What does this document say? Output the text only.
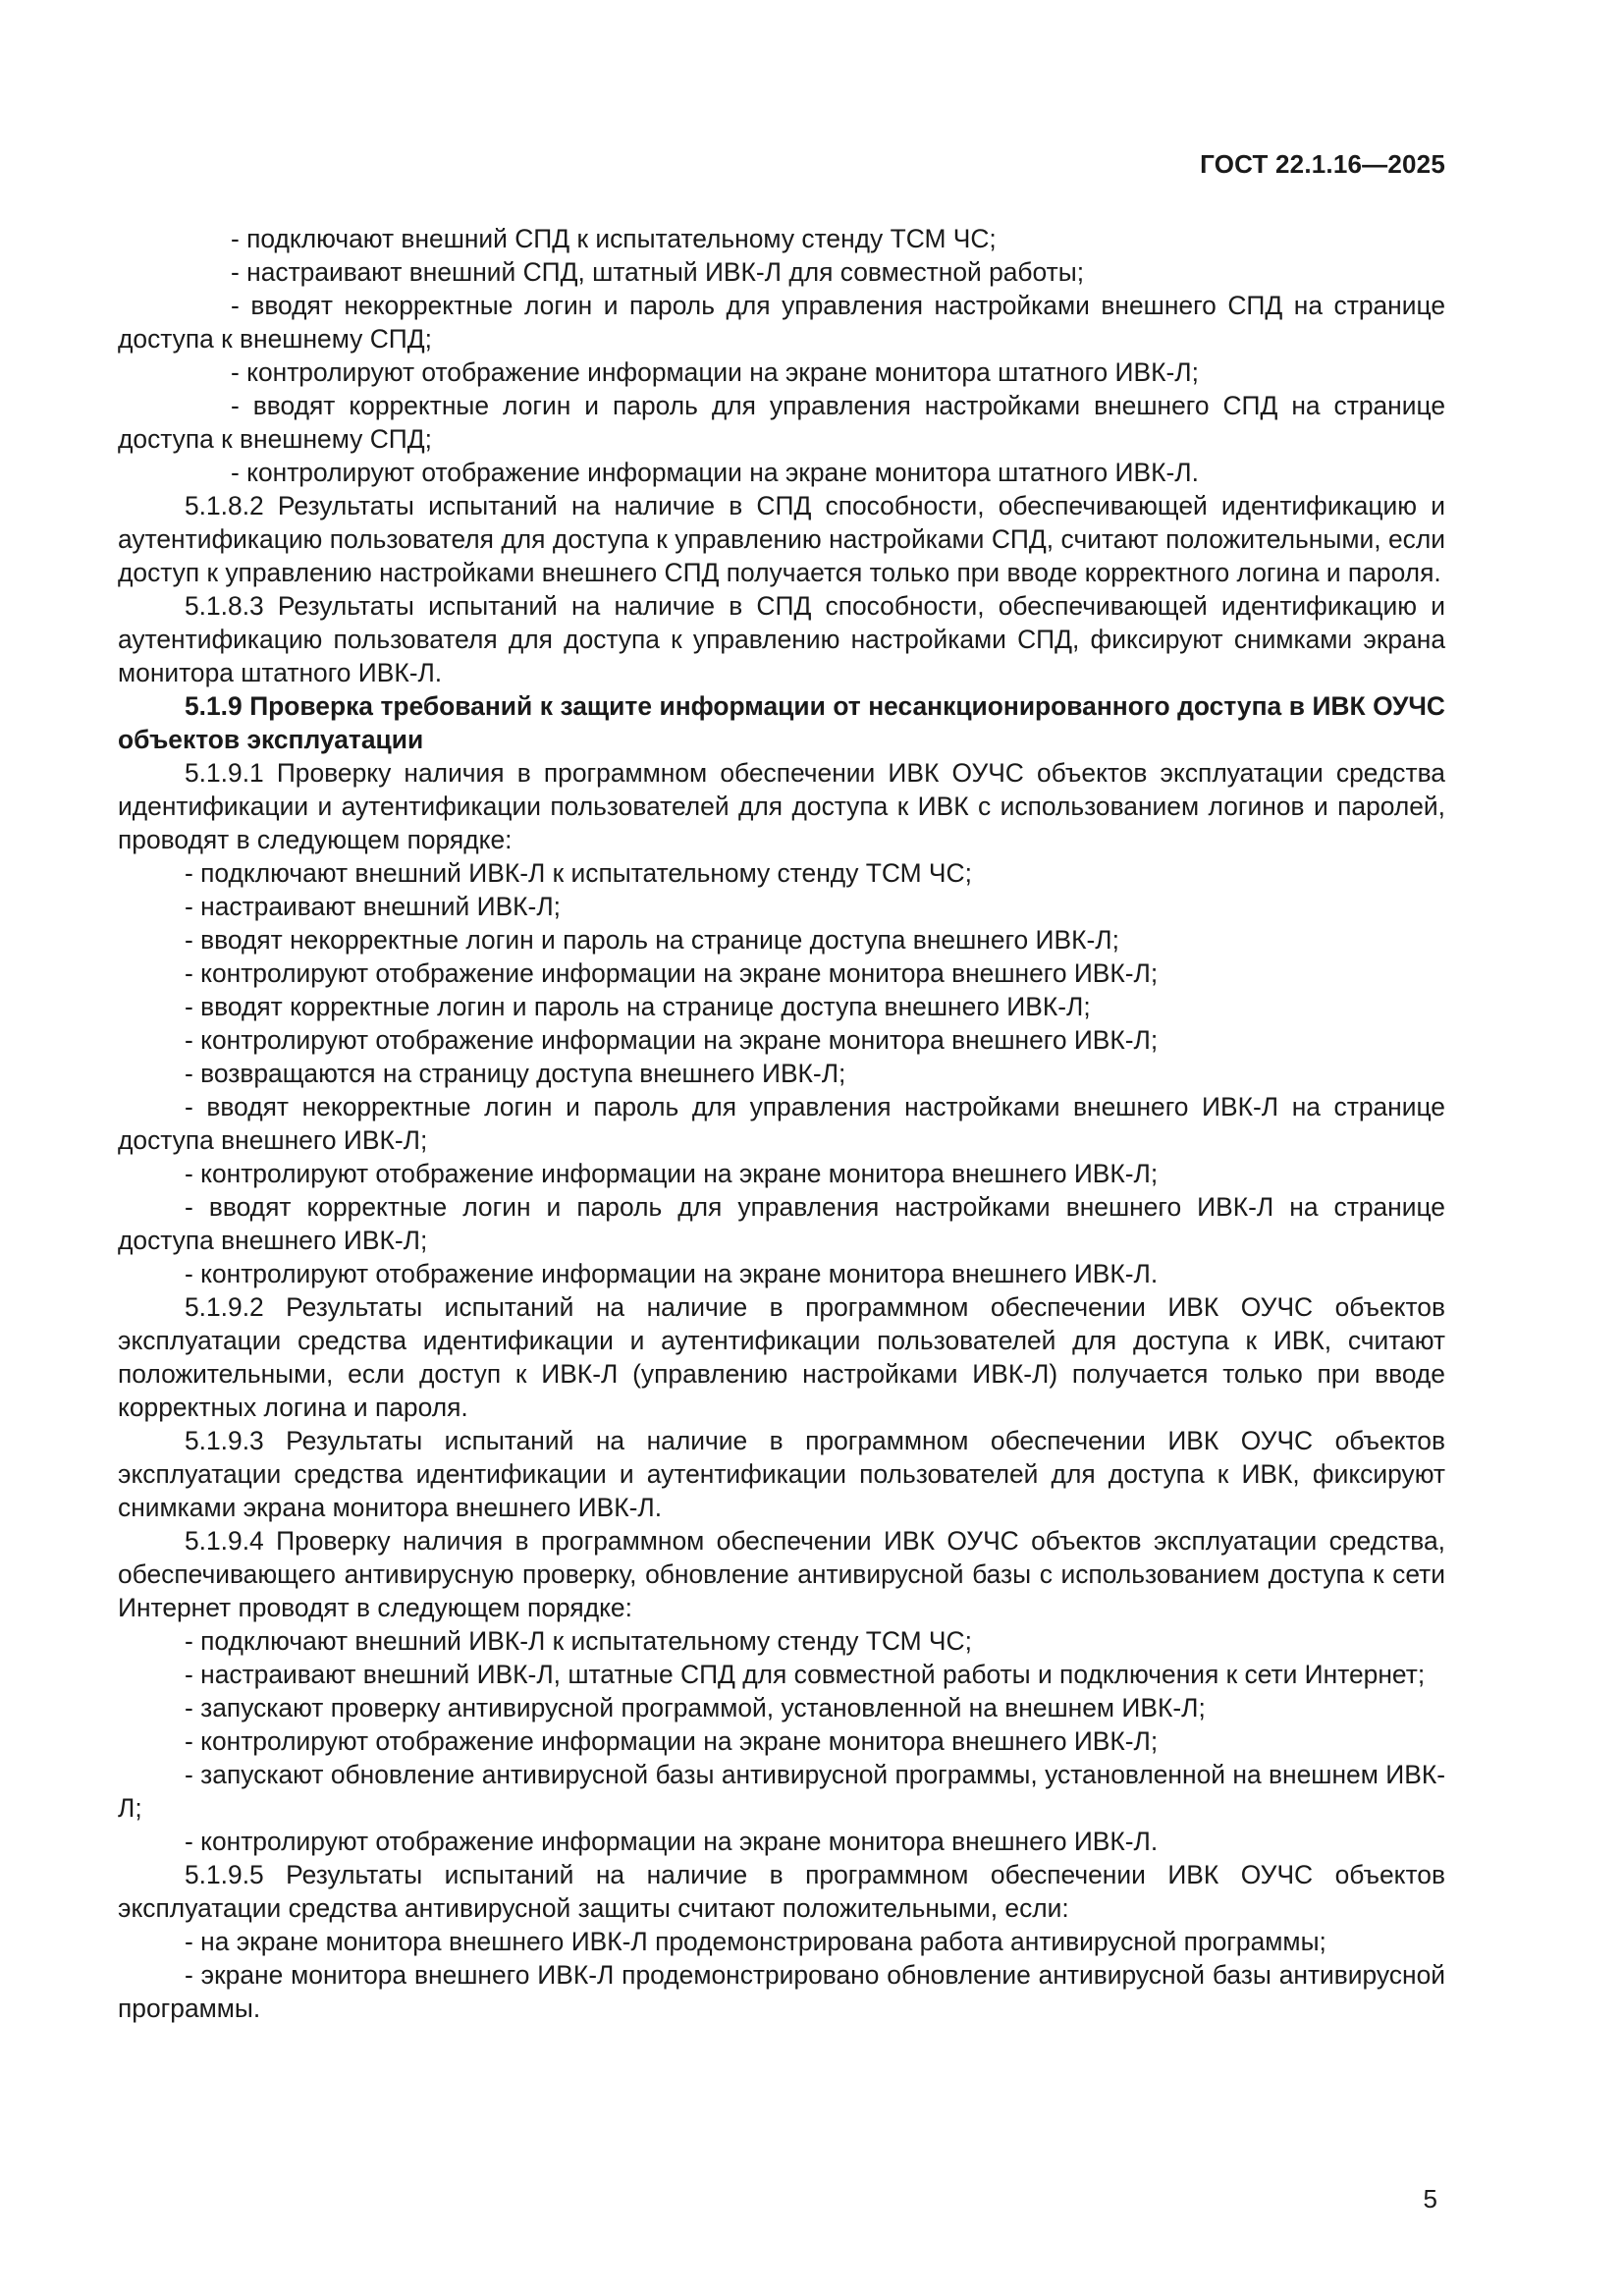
ГОСТ 22.1.16—2025

- подключают внешний СПД к испытательному стенду ТСМ ЧС;

- настраивают внешний СПД, штатный ИВК-Л для совместной работы;

- вводят некорректные логин и пароль для управления настройками внешнего СПД на странице доступа к внешнему СПД;

- контролируют отображение информации на экране монитора штатного ИВК-Л;

- вводят корректные логин и пароль для управления настройками внешнего СПД на странице доступа к внешнему СПД;

- контролируют отображение информации на экране монитора штатного ИВК-Л.

5.1.8.2 Результаты испытаний на наличие в СПД способности, обеспечивающей идентификацию и аутентификацию пользователя для доступа к управлению настройками СПД, считают положительными, если доступ к управлению настройками внешнего СПД получается только при вводе корректного логина и пароля.

5.1.8.3 Результаты испытаний на наличие в СПД способности, обеспечивающей идентификацию и аутентификацию пользователя для доступа к управлению настройками СПД, фиксируют снимками экрана монитора штатного ИВК-Л.

5.1.9 Проверка требований к защите информации от несанкционированного доступа в ИВК ОУЧС объектов эксплуатации

5.1.9.1 Проверку наличия в программном обеспечении ИВК ОУЧС объектов эксплуатации средства идентификации и аутентификации пользователей для доступа к ИВК с использованием логинов и паролей, проводят в следующем порядке:

- подключают внешний ИВК-Л к испытательному стенду ТСМ ЧС;

- настраивают внешний ИВК-Л;

- вводят некорректные логин и пароль на странице доступа внешнего ИВК-Л;

- контролируют отображение информации на экране монитора внешнего ИВК-Л;

- вводят корректные логин и пароль на странице доступа внешнего ИВК-Л;

- контролируют отображение информации на экране монитора внешнего ИВК-Л;

- возвращаются на страницу доступа внешнего ИВК-Л;

- вводят некорректные логин и пароль для управления настройками внешнего ИВК-Л на странице доступа внешнего ИВК-Л;

- контролируют отображение информации на экране монитора внешнего ИВК-Л;

- вводят корректные логин и пароль для управления настройками внешнего ИВК-Л на странице доступа внешнего ИВК-Л;

- контролируют отображение информации на экране монитора внешнего ИВК-Л.

5.1.9.2 Результаты испытаний на наличие в программном обеспечении ИВК ОУЧС объектов эксплуатации средства идентификации и аутентификации пользователей для доступа к ИВК, считают положительными, если доступ к ИВК-Л (управлению настройками ИВК-Л) получается только при вводе корректных логина и пароля.

5.1.9.3 Результаты испытаний на наличие в программном обеспечении ИВК ОУЧС объектов эксплуатации средства идентификации и аутентификации пользователей для доступа к ИВК, фиксируют снимками экрана монитора внешнего ИВК-Л.

5.1.9.4 Проверку наличия в программном обеспечении ИВК ОУЧС объектов эксплуатации средства, обеспечивающего антивирусную проверку, обновление антивирусной базы с использованием доступа к сети Интернет проводят в следующем порядке:

- подключают внешний ИВК-Л к испытательному стенду ТСМ ЧС;

- настраивают внешний ИВК-Л, штатные СПД для совместной работы и подключения к сети Интернет;

- запускают проверку антивирусной программой, установленной на внешнем ИВК-Л;

- контролируют отображение информации на экране монитора внешнего ИВК-Л;

- запускают обновление антивирусной базы антивирусной программы, установленной на внешнем ИВК-Л;

- контролируют отображение информации на экране монитора внешнего ИВК-Л.

5.1.9.5 Результаты испытаний на наличие в программном обеспечении ИВК ОУЧС объектов эксплуатации средства антивирусной защиты считают положительными, если:

- на экране монитора внешнего ИВК-Л продемонстрирована работа антивирусной программы;

- экране монитора внешнего ИВК-Л продемонстрировано обновление антивирусной базы антивирусной программы.

5
